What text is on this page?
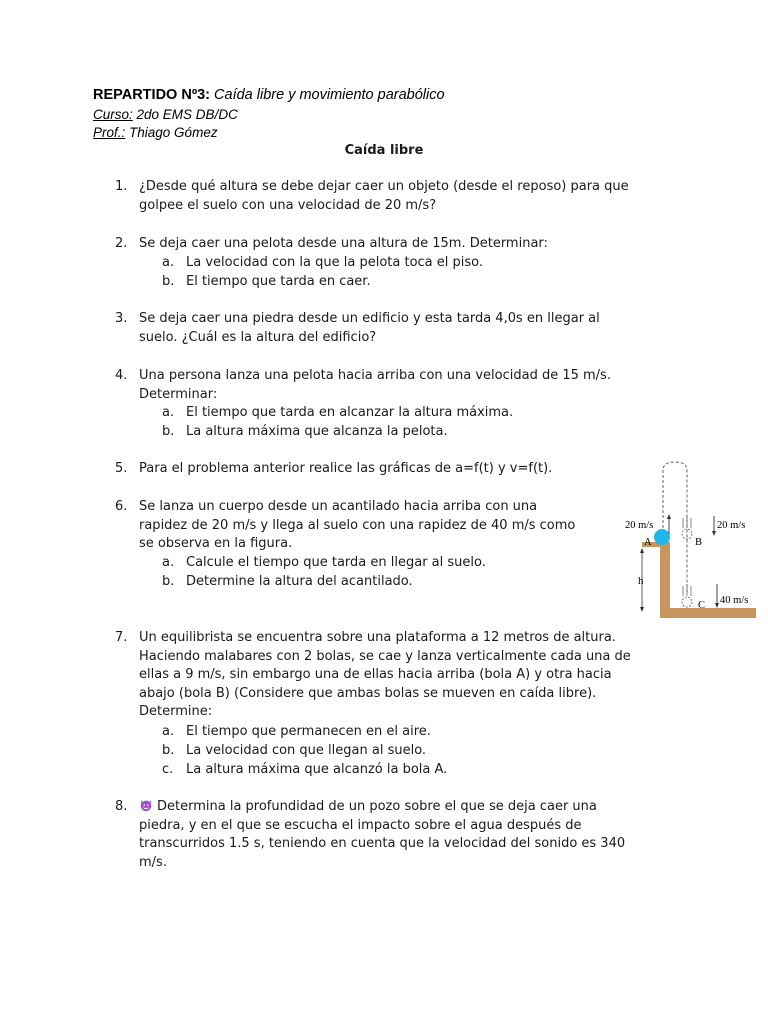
REPARTIDO Nº3: Caída libre y movimiento parabólico
Curso: 2do EMS DB/DC
Prof.: Thiago Gómez
Caída libre
1. ¿Desde qué altura se debe dejar caer un objeto (desde el reposo) para que
golpee el suelo con una velocidad de 20 m/s?
2. Se deja caer una pelota desde una altura de 15m. Determinar:
a. La velocidad con la que la pelota toca el piso.
b. El tiempo que tarda en caer.
3. Se deja caer una piedra desde un edificio y esta tarda 4,0s en llegar al
suelo. ¿Cuál es la altura del edificio?
4. Una persona lanza una pelota hacia arriba con una velocidad de 15 m/s.
Determinar:
a. El tiempo que tarda en alcanzar la altura máxima.
b. La altura máxima que alcanza la pelota.
5. Para el problema anterior realice las gráficas de a=f(t) y v=f(t).
6. Se lanza un cuerpo desde un acantilado hacia arriba con una
rapidez de 20 m/s y llega al suelo con una rapidez de 40 m/s como
se observa en la figura.
a. Calcule el tiempo que tarda en llegar al suelo.
b. Determine la altura del acantilado.
20 m/s
A	B
20 m/s
h
C 40 m/s
7. Un equilibrista se encuentra sobre una plataforma a 12 metros de altura.
Haciendo malabares con 2 bolas, se cae y lanza verticalmente cada una de
ellas a 9 m/s, sin embargo una de ellas hacia arriba (bola A) y otra hacia
abajo (bola B) (Considere que ambas bolas se mueven en caída libre).
Determine:
a. El tiempo que permanecen en el aire.
b. La velocidad con que llegan al suelo.
c. La altura máxima que alcanzó la bola A.
8.	Determina la profundidad de un pozo sobre el que se deja caer una
piedra, y en el que se escucha el impacto sobre el agua después de
transcurridos 1.5 s, teniendo en cuenta que la velocidad del sonido es 340
m/s.
